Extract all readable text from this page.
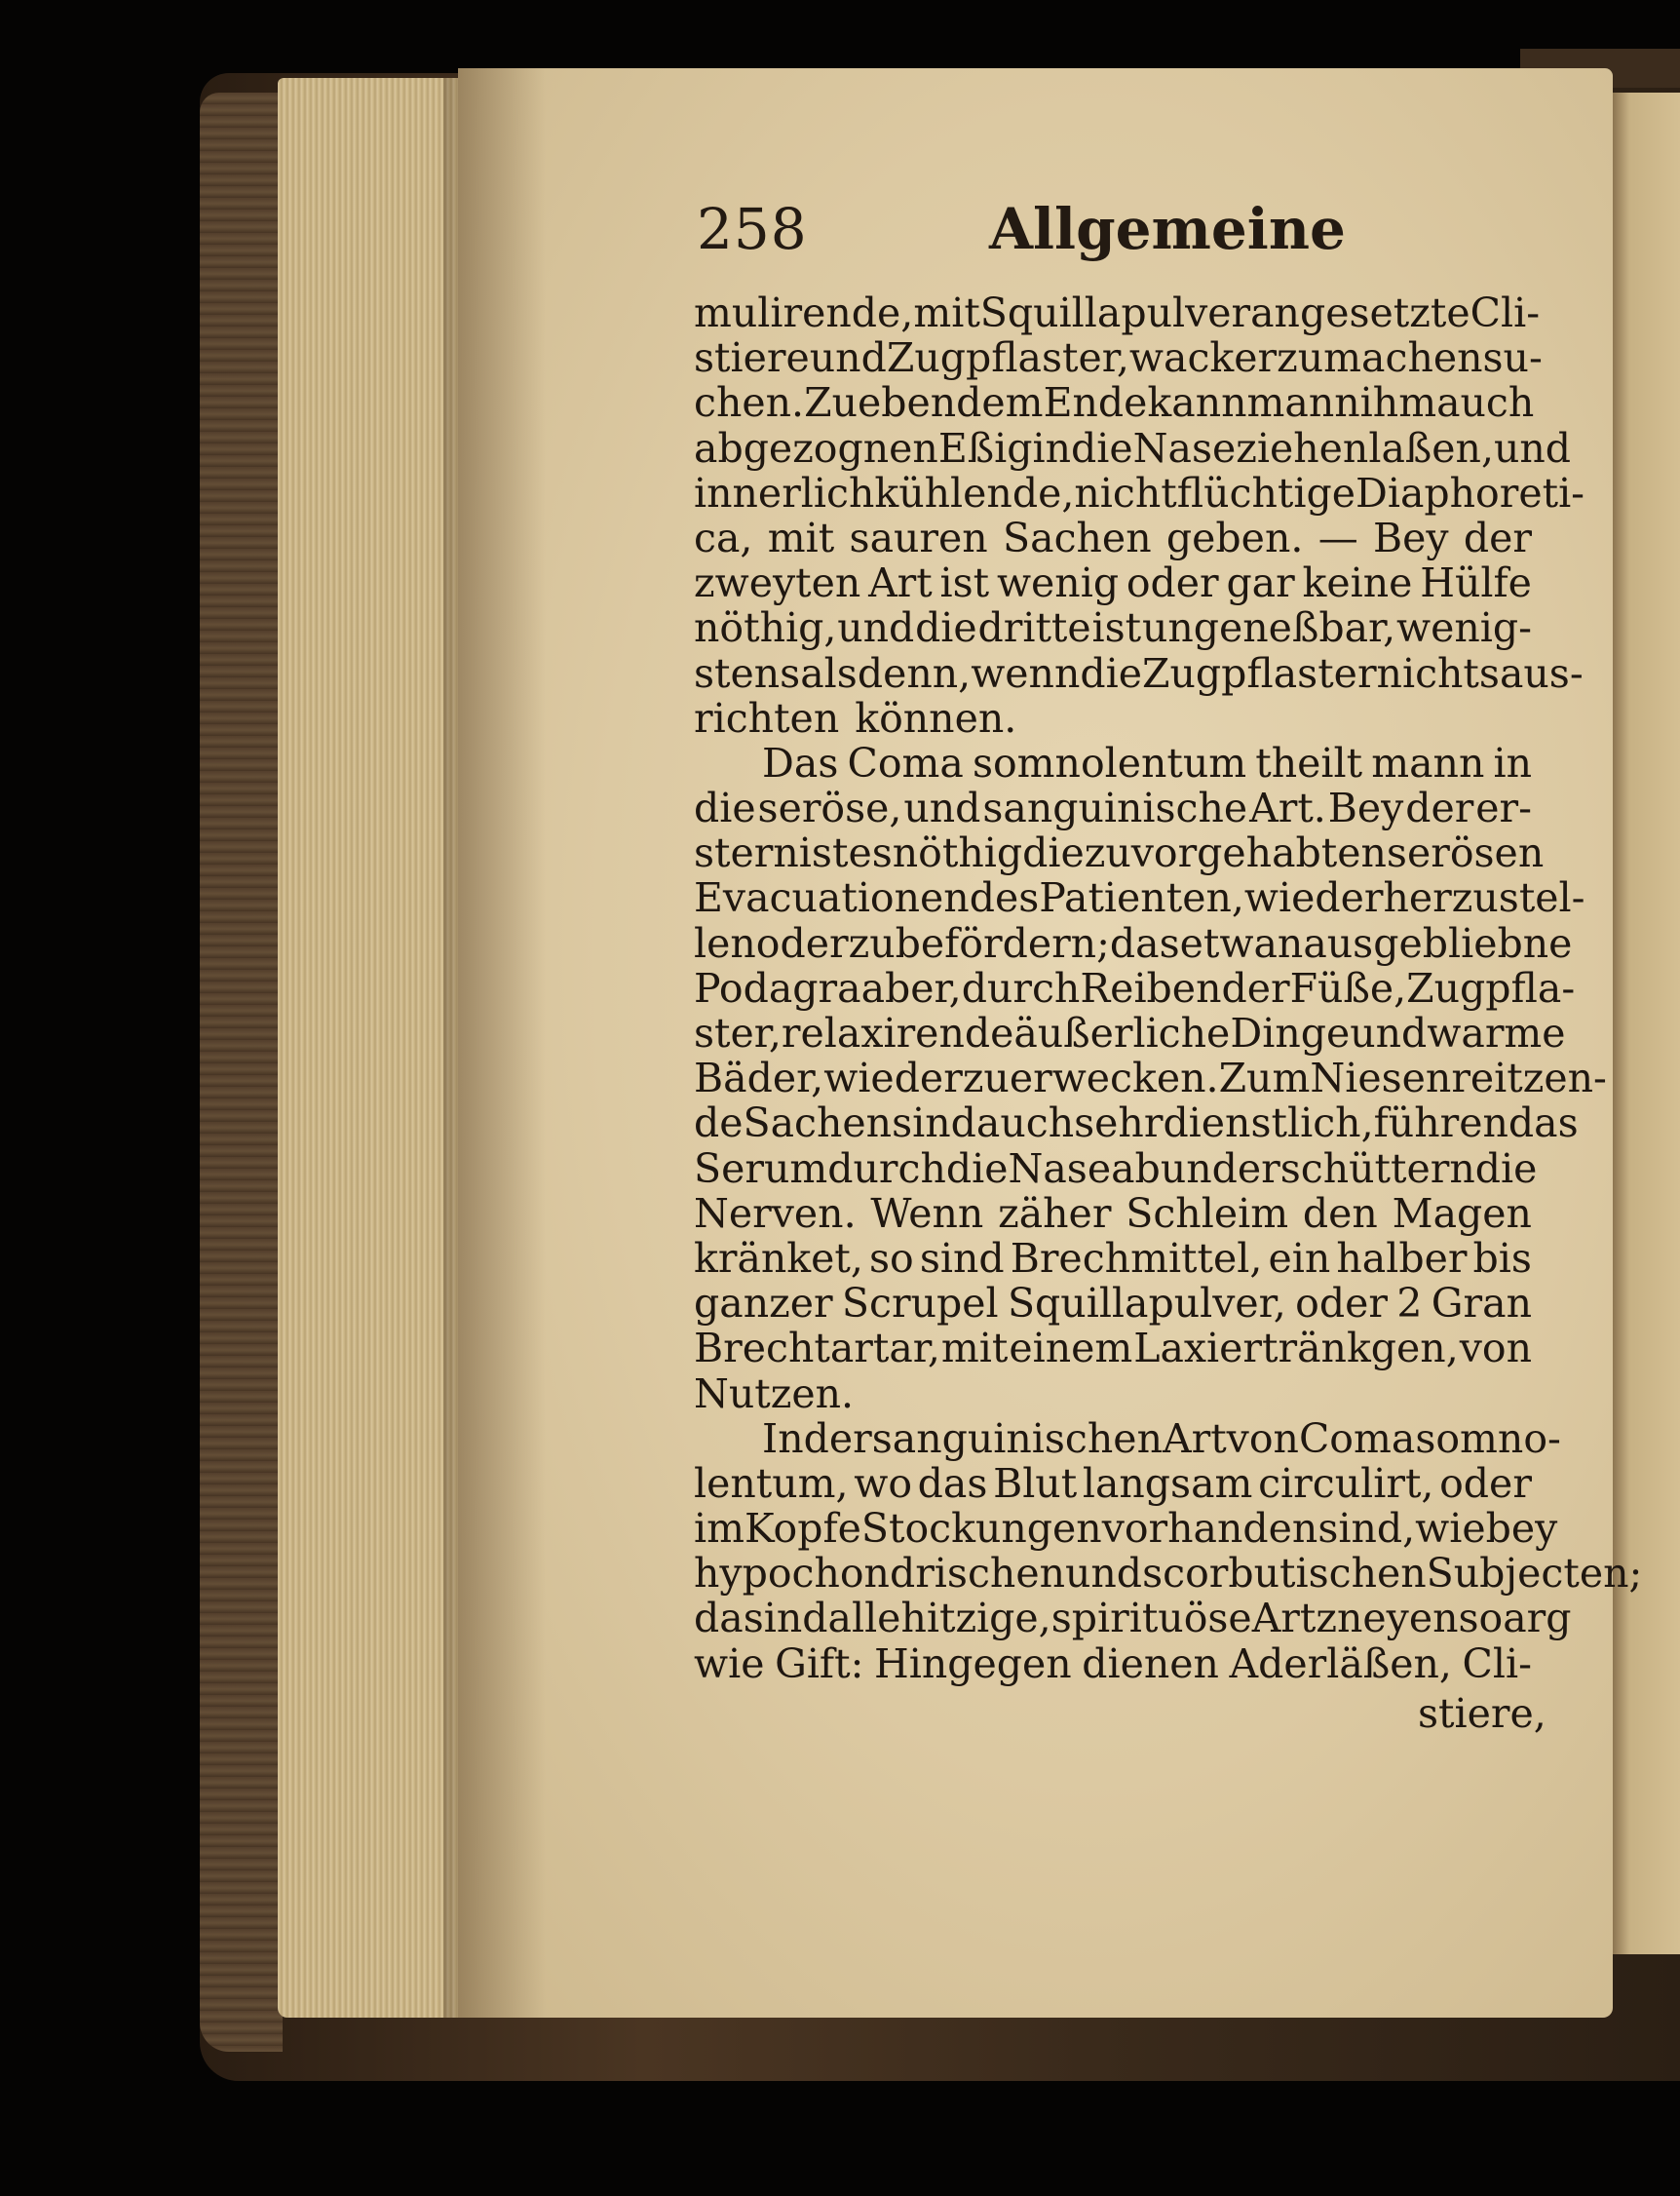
258	Allgemeine
mulirende, mit Squillapulver angesetzte Cli-
stiere und Zugpflaster, wacker zu machen su-
chen. Zu eben dem Ende kann mann ihm auch
abgezognen Eßig in die Nase ziehen laßen, und
innerlich kühlende, nicht flüchtige Diaphoreti-
ca, mit sauren Sachen geben. — Bey der
zweyten Art ist wenig oder gar keine Hülfe
nöthig, und die dritte ist ungeneßbar, wenig-
stens alsdenn, wenn die Zugpflaster nichts aus-
richten können.
Das Coma somnolentum theilt mann in
die seröse, und sanguinische Art. Bey der er-
stern ist es nöthig die zuvor gehabten serösen
Evacuationen des Patienten, wieder herzustel-
len oder zu befördern; das etwan ausgebliebne
Podagra aber, durch Reiben der Füße, Zugpfla-
ster, relaxirende äußerliche Dinge und warme
Bäder, wieder zu erwecken. Zum Niesen reitzen-
de Sachen sind auch sehr dienstlich, führen das
Serum durch die Nase ab und erschüttern die
Nerven. Wenn zäher Schleim den Magen
kränket, so sind Brechmittel, ein halber bis
ganzer Scrupel Squillapulver, oder 2 Gran
Brechtartar, mit einem Laxiertränkgen, von
Nutzen.
In der sanguinischen Art von Coma somno-
lentum, wo das Blut langsam circulirt, oder
im Kopfe Stockungen vorhanden sind, wie bey
hypochondrischen und scorbutischen Subjecten;
da sind alle hitzige, spirituöse Artzneyen so arg
wie Gift: Hingegen dienen Aderläßen, Cli-
stiere,
